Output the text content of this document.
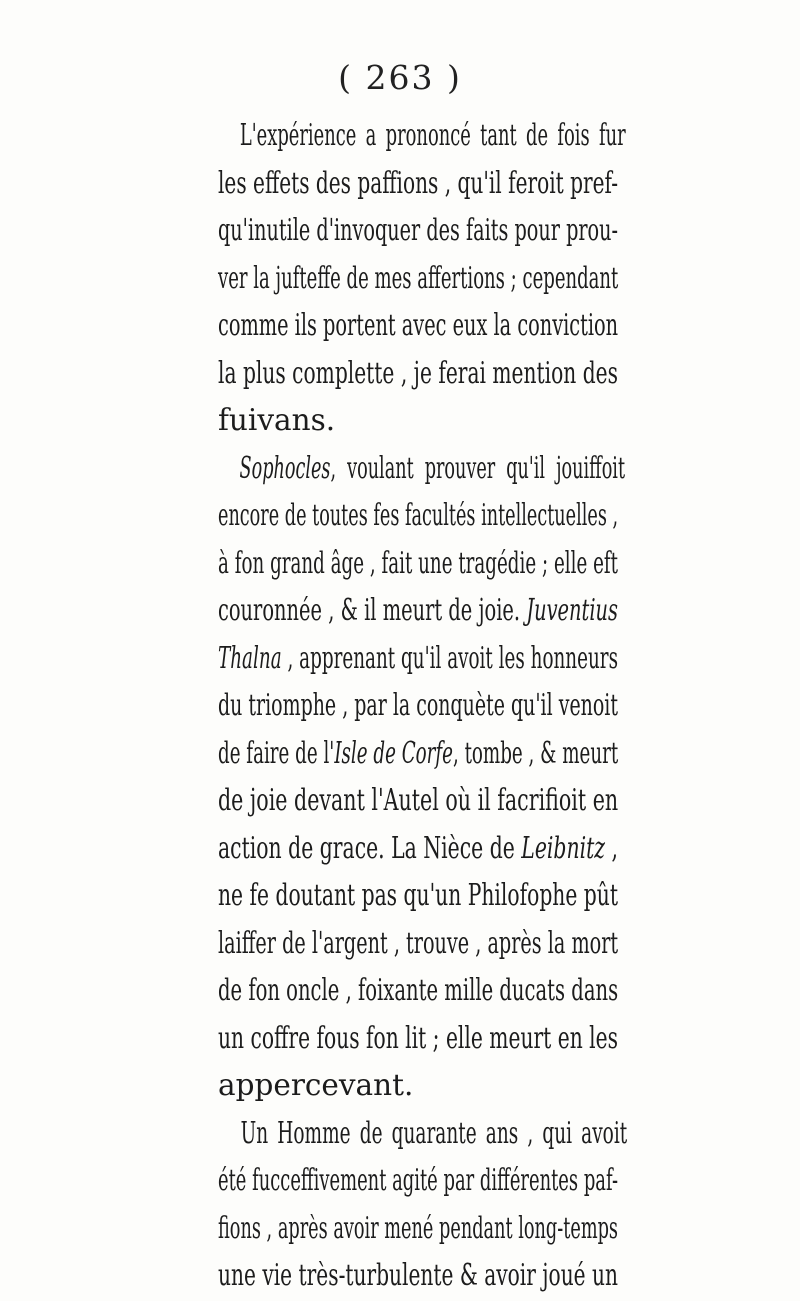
( 263 )
L'expérience a prononcé tant de fois fur
les effets des paffions , qu'il feroit pref-
qu'inutile d'invoquer des faits pour prou-
ver la jufteffe de mes affertions ; cependant
comme ils portent avec eux la conviction
la plus complette , je ferai mention des
fuivans.
Sophocles, voulant prouver qu'il jouiffoit
encore de toutes fes facultés intellectuelles ,
à fon grand âge , fait une tragédie ; elle eft
couronnée , & il meurt de joie. Juventius
Thalna , apprenant qu'il avoit les honneurs
du triomphe , par la conquète qu'il venoit
de faire de l'Isle de Corfe, tombe , & meurt
de joie devant l'Autel où il facrifioit en
action de grace. La Nièce de Leibnitz ,
ne fe doutant pas qu'un Philofophe pût
laiffer de l'argent , trouve , après la mort
de fon oncle , foixante mille ducats dans
un coffre fous fon lit ; elle meurt en les
appercevant.
Un Homme de quarante ans , qui avoit
été fucceffivement agité par différentes paf-
fions , après avoir mené pendant long-temps
une vie très-turbulente & avoir joué un
